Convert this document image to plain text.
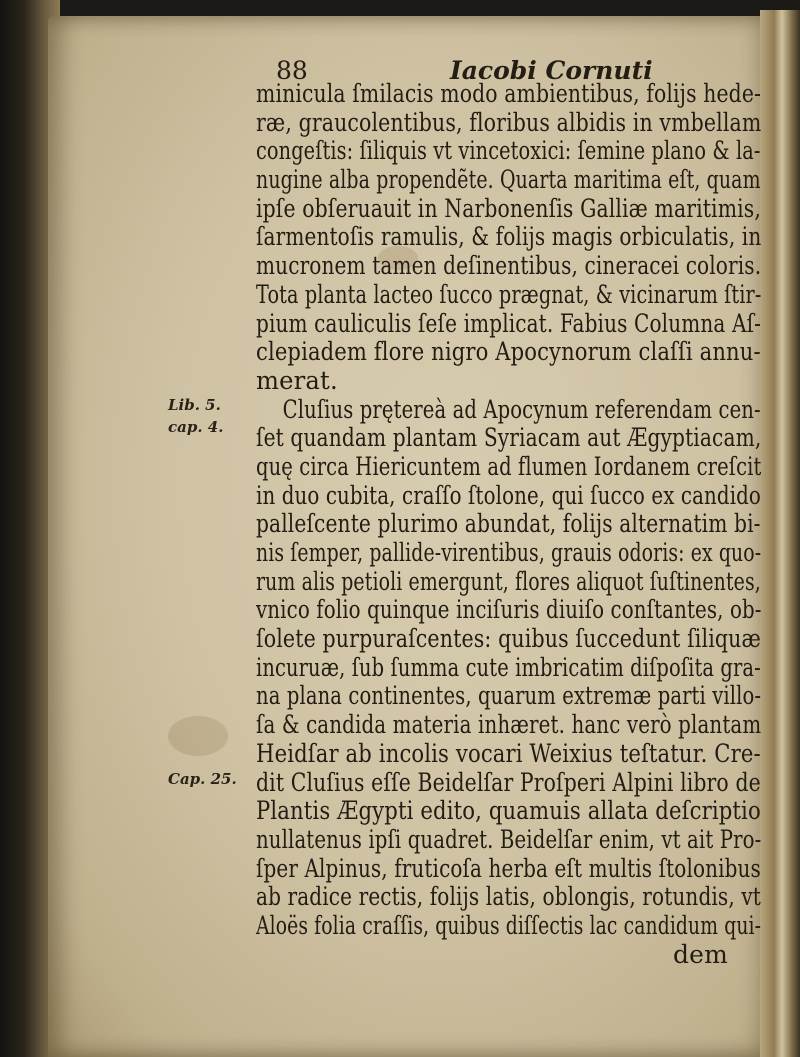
88	Iacobi Cornuti
Lib. 5.
cap. 4.
Cap. 25.
minicula ſmilacis modo ambientibus, folijs hede-
ræ, graucolentibus, floribus albidis in vmbellam
congeſtis: ſiliquis vt vincetoxici: ſemine plano & la-
nugine alba propendẽte. Quarta maritima eſt, quam
ipſe obſeruauit in Narbonenſis Galliæ maritimis,
ſarmentoſis ramulis, & folijs magis orbiculatis, in
mucronem tamen deſinentibus, cineracei coloris.
Tota planta lacteo ſucco prægnat, & vicinarum ſtir-
pium cauliculis ſeſe implicat. Fabius Columna Aſ-
clepiadem flore nigro Apocynorum claſſi annu-
merat.
Cluſius prętereà ad Apocynum referendam cen-
ſet quandam plantam Syriacam aut Ægyptiacam,
quę circa Hiericuntem ad flumen Iordanem creſcit
in duo cubita, craſſo ſtolone, qui ſucco ex candido
palleſcente plurimo abundat, folijs alternatim bi-
nis ſemper, pallide-virentibus, grauis odoris: ex quo-
rum alis petioli emergunt, flores aliquot ſuſtinentes,
vnico folio quinque inciſuris diuiſo conſtantes, ob-
ſolete purpuraſcentes: quibus ſuccedunt ſiliquæ
incuruæ, ſub ſumma cute imbricatim diſpoſita gra-
na plana continentes, quarum extremæ parti villo-
ſa & candida materia inhæret. hanc verò plantam
Heidſar ab incolis vocari Weixius teſtatur. Cre-
dit Cluſius eſſe Beidelſar Proſperi Alpini libro de
Plantis Ægypti edito, quamuis allata deſcriptio
nullatenus ipſi quadret. Beidelſar enim, vt ait Pro-
ſper Alpinus, fruticoſa herba eſt multis ſtolonibus
ab radice rectis, folijs latis, oblongis, rotundis, vt
Aloës folia craſſis, quibus diſſectis lac candidum qui-
dem
